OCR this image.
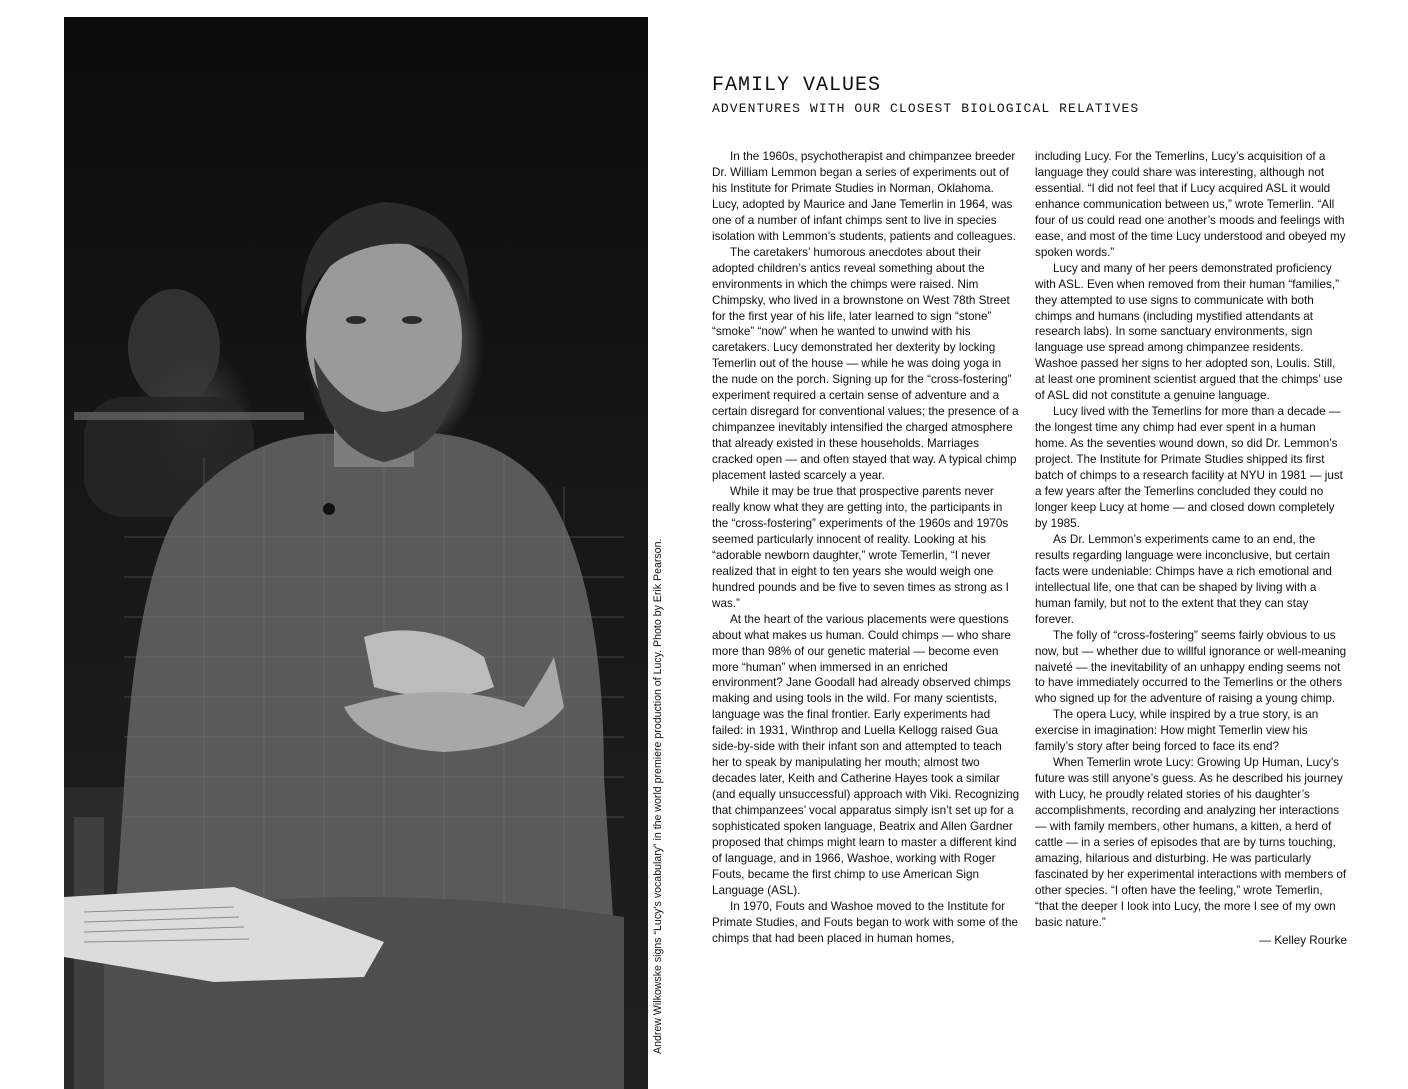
Andrew Wilkowske signs “Lucy’s vocabulary” in the world premiere production of Lucy. Photo by Erik Pearson.
FAMILY VALUES
ADVENTURES WITH OUR CLOSEST BIOLOGICAL RELATIVES

In the 1960s, psychotherapist and chimpanzee breeder Dr. William Lemmon began a series of experiments out of his Institute for Primate Studies in Norman, Oklahoma. Lucy, adopted by Maurice and Jane Temerlin in 1964, was one of a number of infant chimps sent to live in species isolation with Lemmon’s students, patients and colleagues.

The caretakers’ humorous anecdotes about their adopted children’s antics reveal something about the environments in which the chimps were raised. Nim Chimpsky, who lived in a brownstone on West 78th Street for the first year of his life, later learned to sign “stone” “smoke” “now” when he wanted to unwind with his caretakers. Lucy demonstrated her dexterity by locking Temerlin out of the house — while he was doing yoga in the nude on the porch. Signing up for the “cross-fostering” experiment required a certain sense of adventure and a certain disregard for conventional values; the presence of a chimpanzee inevitably intensified the charged atmosphere that already existed in these households. Marriages cracked open — and often stayed that way. A typical chimp placement lasted scarcely a year.

While it may be true that prospective parents never really know what they are getting into, the participants in the “cross-fostering” experiments of the 1960s and 1970s seemed particularly innocent of reality. Looking at his “adorable newborn daughter,” wrote Temerlin, “I never realized that in eight to ten years she would weigh one hundred pounds and be five to seven times as strong as I was.”

At the heart of the various placements were questions about what makes us human. Could chimps — who share more than 98% of our genetic material — become even more “human” when immersed in an enriched environment? Jane Goodall had already observed chimps making and using tools in the wild. For many scientists, language was the final frontier. Early experiments had failed: in 1931, Winthrop and Luella Kellogg raised Gua side-by-side with their infant son and attempted to teach her to speak by manipulating her mouth; almost two decades later, Keith and Catherine Hayes took a similar (and equally unsuccessful) approach with Viki. Recognizing that chimpanzees’ vocal apparatus simply isn’t set up for a sophisticated spoken language, Beatrix and Allen Gardner proposed that chimps might learn to master a different kind of language, and in 1966, Washoe, working with Roger Fouts, became the first chimp to use American Sign Language (ASL).

In 1970, Fouts and Washoe moved to the Institute for Primate Studies, and Fouts began to work with some of the chimps that had been placed in human homes,

including Lucy. For the Temerlins, Lucy’s acquisition of a language they could share was interesting, although not essential. “I did not feel that if Lucy acquired ASL it would enhance communication between us,” wrote Temerlin. “All four of us could read one another’s moods and feelings with ease, and most of the time Lucy understood and obeyed my spoken words.”

Lucy and many of her peers demonstrated proficiency with ASL. Even when removed from their human “families,” they attempted to use signs to communicate with both chimps and humans (including mystified attendants at research labs). In some sanctuary environments, sign language use spread among chimpanzee residents. Washoe passed her signs to her adopted son, Loulis. Still, at least one prominent scientist argued that the chimps’ use of ASL did not constitute a genuine language.

Lucy lived with the Temerlins for more than a decade — the longest time any chimp had ever spent in a human home. As the seventies wound down, so did Dr. Lemmon’s project. The Institute for Primate Studies shipped its first batch of chimps to a research facility at NYU in 1981 — just a few years after the Temerlins concluded they could no longer keep Lucy at home — and closed down completely by 1985.

As Dr. Lemmon’s experiments came to an end, the results regarding language were inconclusive, but certain facts were undeniable: Chimps have a rich emotional and intellectual life, one that can be shaped by living with a human family, but not to the extent that they can stay forever.

The folly of “cross-fostering” seems fairly obvious to us now, but — whether due to willful ignorance or well-meaning naiveté — the inevitability of an unhappy ending seems not to have immediately occurred to the Temerlins or the others who signed up for the adventure of raising a young chimp.

The opera Lucy, while inspired by a true story, is an exercise in imagination: How might Temerlin view his family’s story after being forced to face its end?

When Temerlin wrote Lucy: Growing Up Human, Lucy’s future was still anyone’s guess. As he described his journey with Lucy, he proudly related stories of his daughter’s accomplishments, recording and analyzing her interactions — with family members, other humans, a kitten, a herd of cattle — in a series of episodes that are by turns touching, amazing, hilarious and disturbing. He was particularly fascinated by her experimental interactions with members of other species. “I often have the feeling,” wrote Temerlin, “that the deeper I look into Lucy, the more I see of my own basic nature.”

— Kelley Rourke
